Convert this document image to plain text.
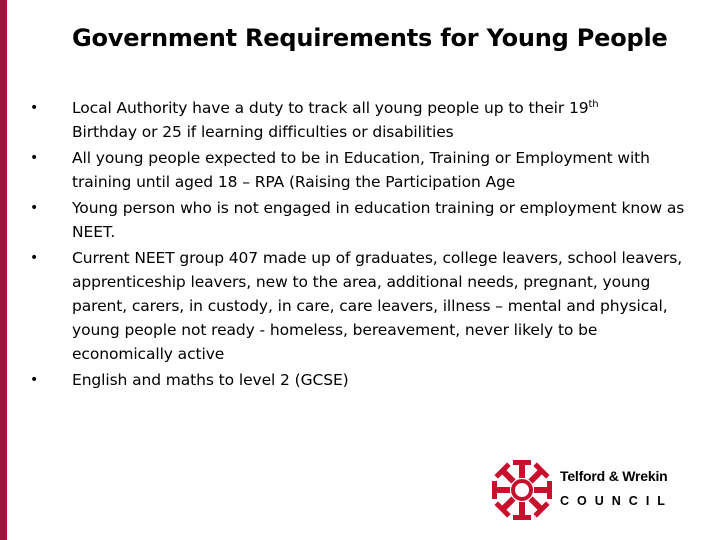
Government Requirements for Young People
• Local Authority have a duty to track all young people up to their 19th
Birthday or 25 if learning difficulties or disabilities
• All young people expected to be in Education, Training or Employment with training until aged 18 – RPA (Raising the Participation Age
• Young person who is not engaged in education training or employment know as NEET.
• Current NEET group 407 made up of graduates, college leavers, school leavers, apprenticeship leavers, new to the area, additional needs, pregnant, young parent, carers, in custody, in care, care leavers, illness – mental and physical, young people not ready - homeless, bereavement, never likely to be economically active
• English and maths to level 2 (GCSE)
Telford & Wrekin
COUNCIL
